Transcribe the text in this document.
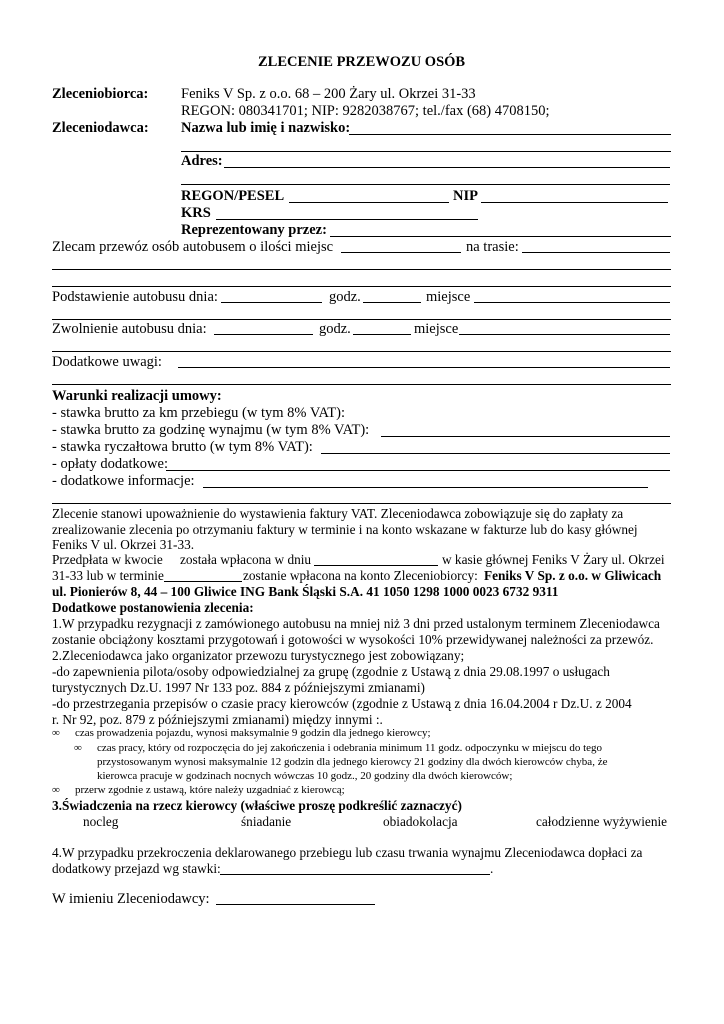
ZLECENIE PRZEWOZU OSÓB
Zleceniobiorca: Feniks V Sp. z o.o. 68 – 200 Żary ul. Okrzei 31-33
REGON: 080341701; NIP: 9282038767; tel./fax (68) 4708150;
Zleceniodawca: Nazwa lub imię i nazwisko:
Adres:
REGON/PESEL	NIP
KRS
Reprezentowany przez:
Zlecam przewóz osób autobusem o ilości miejsc	na trasie:
Podstawienie autobusu dnia:	godz.	miejsce
Zwolnienie autobusu dnia:	godz.	miejsce
Dodatkowe uwagi:
Warunki realizacji umowy:
- stawka brutto za km przebiegu (w tym 8% VAT):
- stawka brutto za godzinę wynajmu (w tym 8% VAT):
- stawka ryczałtowa brutto (w tym 8% VAT):
- opłaty dodatkowe:
- dodatkowe informacje:
Zlecenie stanowi upoważnienie do wystawienia faktury VAT. Zleceniodawca zobowiązuje się do zapłaty za
zrealizowanie zlecenia po otrzymaniu faktury w terminie i na konto wskazane w fakturze lub do kasy głównej
Feniks V ul. Okrzei 31-33.
Przedpłata w kwocie została wpłacona w dniu	w kasie głównej Feniks V Żary ul. Okrzei
31-33 lub w terminie	zostanie wpłacona na konto Zleceniobiorcy: Feniks V Sp. z o.o. w Gliwicach
ul. Pionierów 8, 44 – 100 Gliwice ING Bank Śląski S.A. 41 1050 1298 1000 0023 6732 9311
Dodatkowe postanowienia zlecenia:
1.W przypadku rezygnacji z zamówionego autobusu na mniej niż 3 dni przed ustalonym terminem Zleceniodawca
zostanie obciążony kosztami przygotowań i gotowości w wysokości 10% przewidywanej należności za przewóz.
2.Zleceniodawca jako organizator przewozu turystycznego jest zobowiązany;
-do zapewnienia pilota/osoby odpowiedzialnej za grupę (zgodnie z Ustawą z dnia 29.08.1997 o usługach
turystycznych Dz.U. 1997 Nr 133 poz. 884 z późniejszymi zmianami)
-do przestrzegania przepisów o czasie pracy kierowców (zgodnie z Ustawą z dnia 16.04.2004 r Dz.U. z 2004
r. Nr 92, poz. 879 z późniejszymi zmianami) między innymi :.
∞ czas prowadzenia pojazdu, wynosi maksymalnie 9 godzin dla jednego kierowcy;
∞ czas pracy, który od rozpoczęcia do jej zakończenia i odebrania minimum 11 godz. odpoczynku w miejscu do tego
przystosowanym wynosi maksymalnie 12 godzin dla jednego kierowcy 21 godziny dla dwóch kierowców chyba, że
kierowca pracuje w godzinach nocnych wówczas 10 godz., 20 godziny dla dwóch kierowców;
∞ przerw zgodnie z ustawą, które należy uzgadniać z kierowcą;
3.Świadczenia na rzecz kierowcy (właściwe proszę podkreślić zaznaczyć)
nocleg	śniadanie	obiadokolacja	całodzienne wyżywienie
4.W przypadku przekroczenia deklarowanego przebiegu lub czasu trwania wynajmu Zleceniodawca dopłaci za
dodatkowy przejazd wg stawki:	.
W imieniu Zleceniodawcy:
